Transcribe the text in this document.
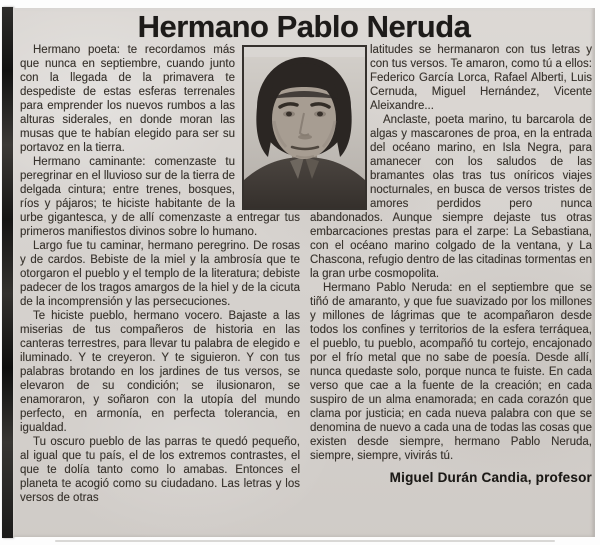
Hermano Pablo Neruda

Hermano poeta: te recordamos más que nunca en septiembre, cuando junto con la llegada de la primavera te despediste de estas esferas terrenales para emprender los nuevos rumbos a las alturas siderales, en donde moran las musas que te habían elegido para ser su portavoz en la tierra.

Hermano caminante: comenzaste tu peregrinar en el lluvioso sur de la tierra de delgada cintura; entre trenes, bosques, ríos y pájaros; te hiciste habitante de la urbe gigantesca, y de allí comenzaste a entregar tus primeros manifiestos divinos sobre lo humano.

Largo fue tu caminar, hermano peregrino. De rosas y de cardos. Bebiste de la miel y la ambrosía que te otorgaron el pueblo y el templo de la literatura; debiste padecer de los tragos amargos de la hiel y de la cicuta de la incomprensión y las persecuciones.

Te hiciste pueblo, hermano vocero. Bajaste a las miserias de tus compañeros de historia en las canteras terrestres, para llevar tu palabra de elegido e iluminado. Y te creyeron. Y te siguieron. Y con tus palabras brotando en los jardines de tus versos, se elevaron de su condición; se ilusionaron, se enamoraron, y soñaron con la utopía del mundo perfecto, en armonía, en perfecta tolerancia, en igualdad.

Tu oscuro pueblo de las parras te quedó pequeño, al igual que tu país, el de los extremos contrastes, el que te dolía tanto como lo amabas. Entonces el planeta te acogió como su ciudadano. Las letras y los versos de otras

latitudes se hermanaron con tus letras y con tus versos. Te amaron, como tú a ellos: Federico García Lorca, Rafael Alberti, Luis Cernuda, Miguel Hernández, Vicente Aleixandre...

Anclaste, poeta marino, tu barcarola de algas y mascarones de proa, en la entrada del océano marino, en Isla Negra, para amanecer con los saludos de las bramantes olas tras tus oníricos viajes nocturnales, en busca de versos tristes de amores perdidos pero nunca abandonados. Aunque siempre dejaste tus otras embarcaciones prestas para el zarpe: La Sebastiana, con el océano marino colgado de la ventana, y La Chascona, refugio dentro de las citadinas tormentas en la gran urbe cosmopolita.

Hermano Pablo Neruda: en el septiembre que se tiñó de amaranto, y que fue suavizado por los millones y millones de lágrimas que te acompañaron desde todos los confines y territorios de la esfera terráquea, el pueblo, tu pueblo, acompañó tu cortejo, encajonado por el frío metal que no sabe de poesía. Desde allí, nunca quedaste solo, porque nunca te fuiste. En cada verso que cae a la fuente de la creación; en cada suspiro de un alma enamorada; en cada corazón que clama por justicia; en cada nueva palabra con que se denomina de nuevo a cada una de todas las cosas que existen desde siempre, hermano Pablo Neruda, siempre, siempre, vivirás tú.

Miguel Durán Candia, profesor
